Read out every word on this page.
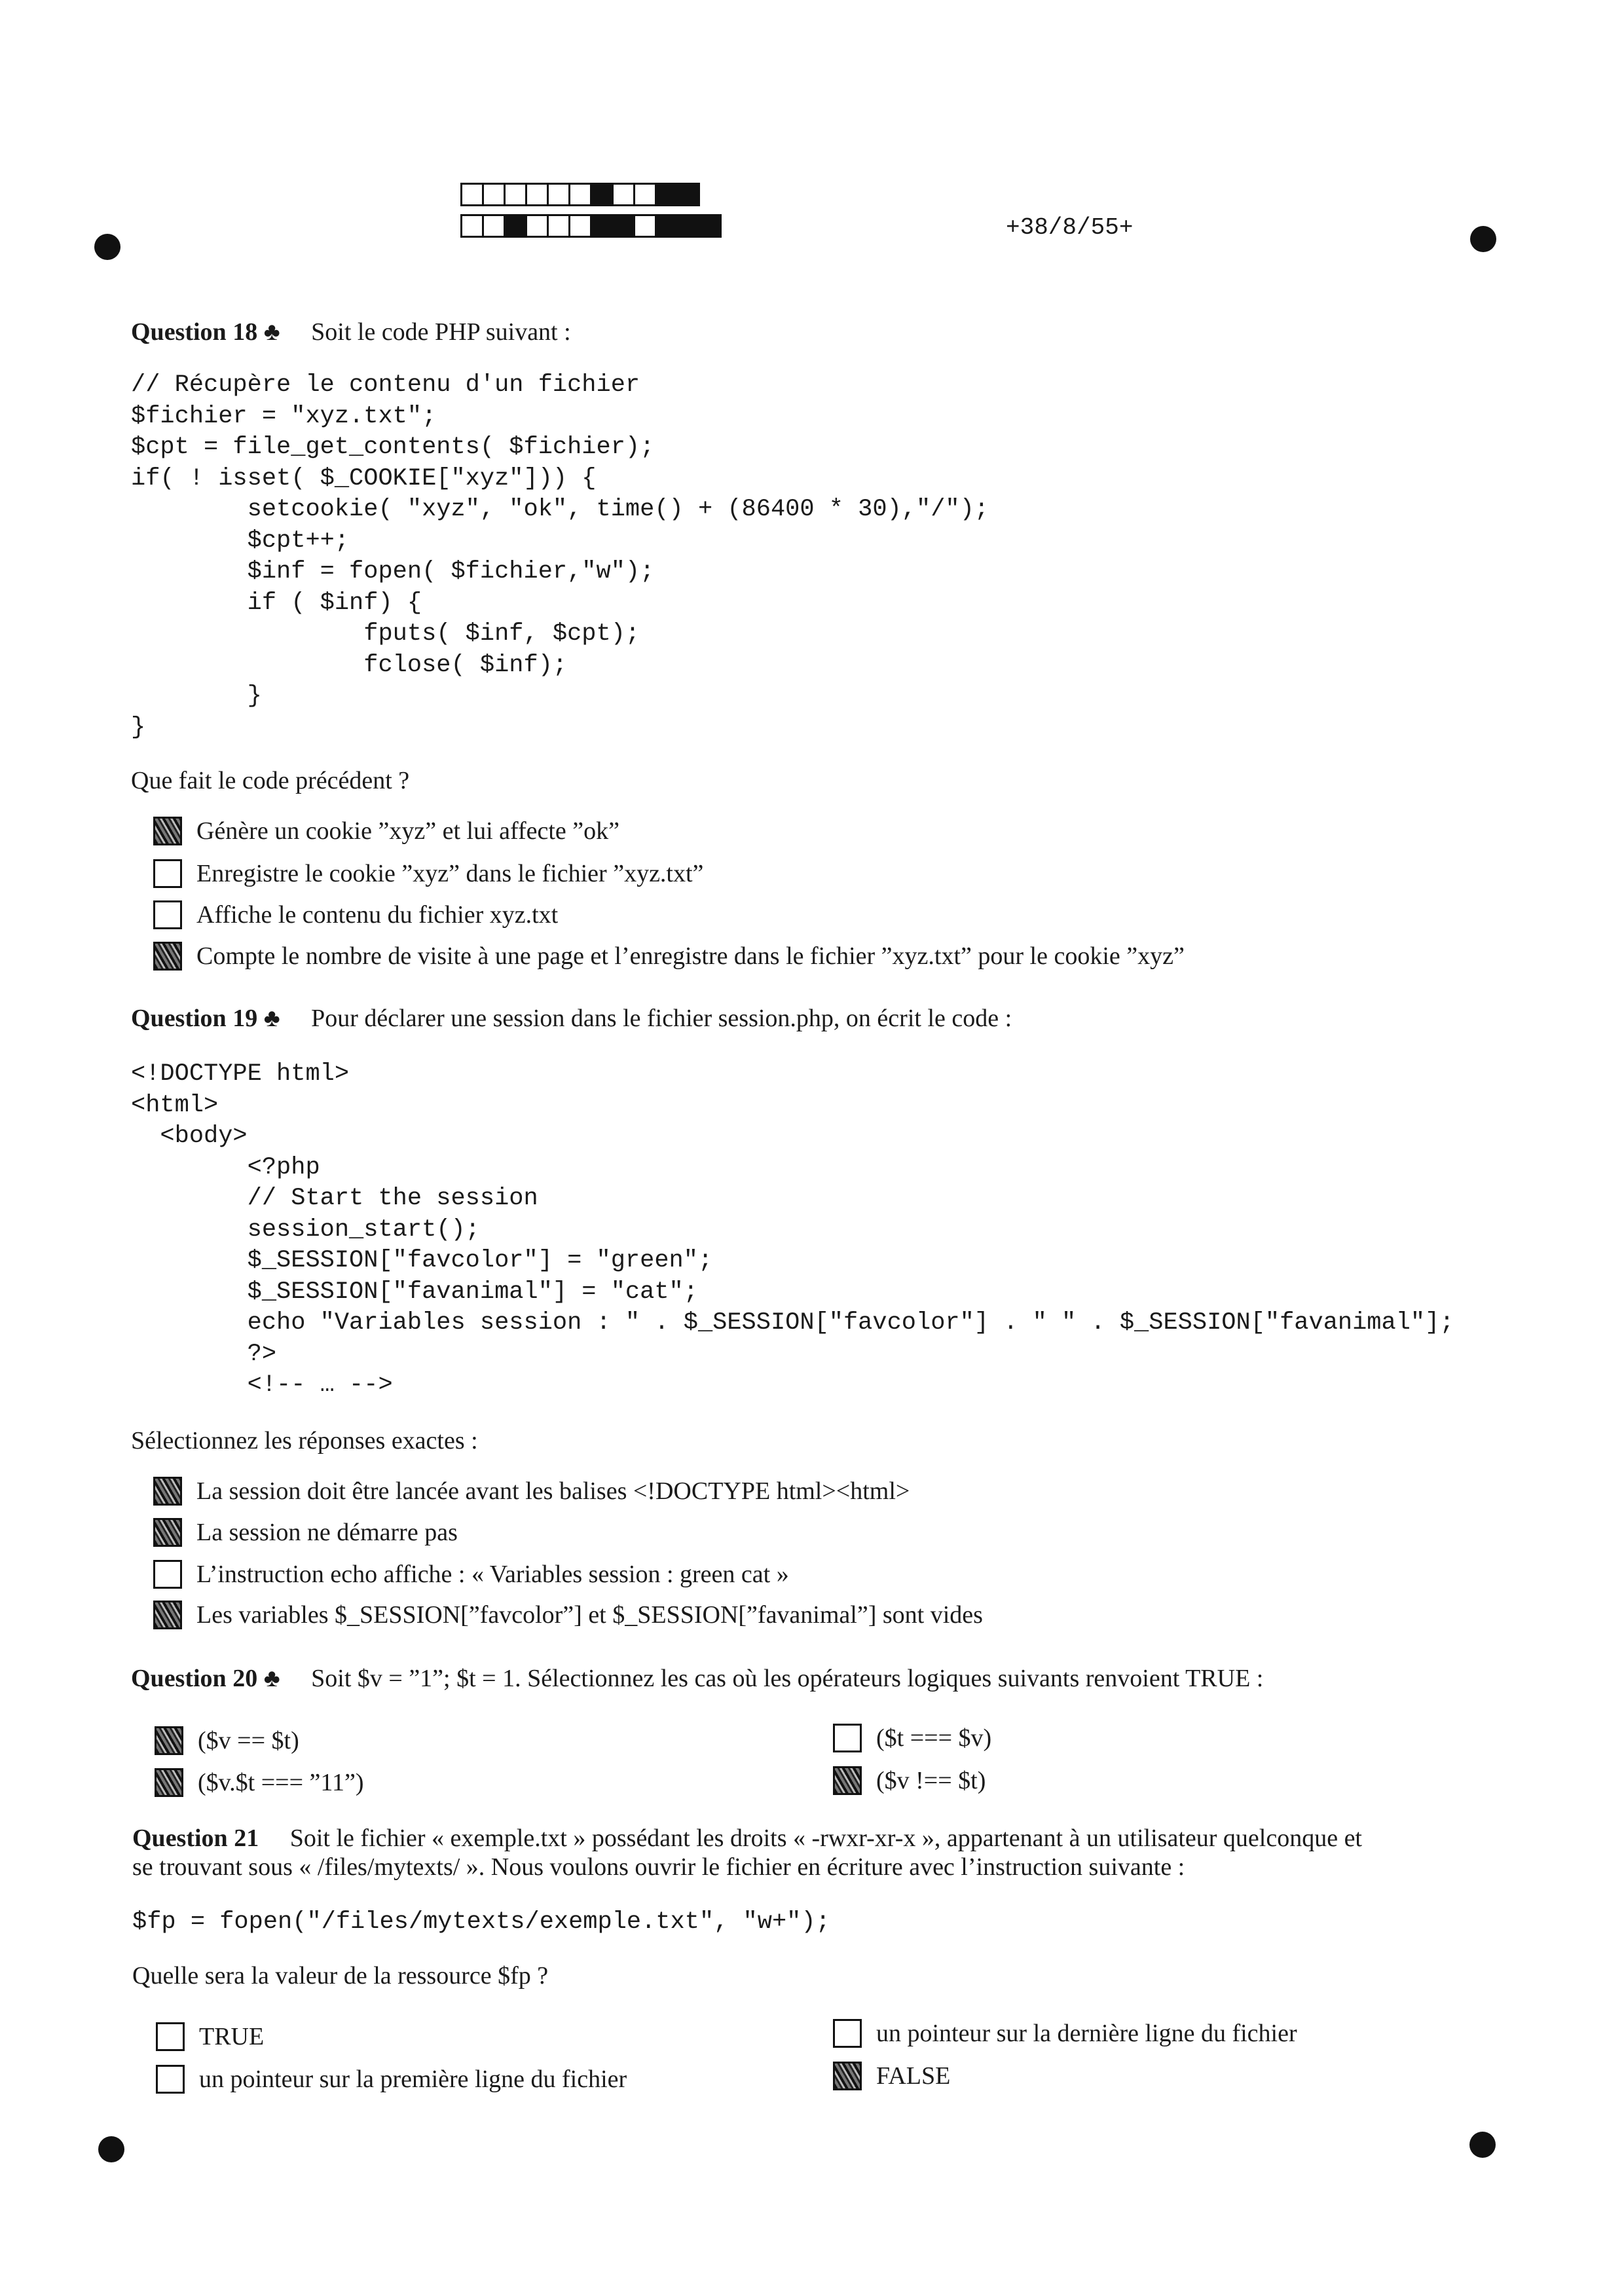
+38/8/55+
Question 18 ♣ Soit le code PHP suivant :
// Récupère le contenu d'un fichier
$fichier = "xyz.txt";
$cpt = file_get_contents( $fichier);
if( ! isset( $_COOKIE["xyz"])) {
setcookie( "xyz", "ok", time() + (86400 * 30),"/");
$cpt++;
$inf = fopen( $fichier,"w");
if ( $inf) {
fputs( $inf, $cpt);
fclose( $inf);
}
}

Que fait le code précédent ?
Génère un cookie ”xyz” et lui affecte ”ok”
Enregistre le cookie ”xyz” dans le fichier ”xyz.txt”
Affiche le contenu du fichier xyz.txt
Compte le nombre de visite à une page et l’enregistre dans le fichier ”xyz.txt” pour le cookie ”xyz”
Question 19 ♣ Pour déclarer une session dans le fichier session.php, on écrit le code :
<!DOCTYPE html>
<html>
<body>
<?php
// Start the session
session_start();
$_SESSION["favcolor"] = "green";
$_SESSION["favanimal"] = "cat";
echo "Variables session : " . $_SESSION["favcolor"] . " " . $_SESSION["favanimal"];
?>
<!-- … -->

Sélectionnez les réponses exactes :
La session doit être lancée avant les balises <!DOCTYPE html><html>
La session ne démarre pas
L’instruction echo affiche : « Variables session : green cat »
Les variables $_SESSION[”favcolor”] et $_SESSION[”favanimal”] sont vides
Question 20 ♣ Soit $v = ”1”; $t = 1. Sélectionnez les cas où les opérateurs logiques suivants renvoient TRUE :
($v == $t)	($t === $v)
($v.$t === ”11”)	($v !== $t)
Question 21 Soit le fichier « exemple.txt » possédant les droits « -rwxr-xr-x », appartenant à un utilisateur quelconque et
se trouvant sous « /files/mytexts/ ». Nous voulons ouvrir le fichier en écriture avec l’instruction suivante :
$fp = fopen("/files/mytexts/exemple.txt", "w+");
Quelle sera la valeur de la ressource $fp ?
TRUE	un pointeur sur la dernière ligne du fichier
un pointeur sur la première ligne du fichier	FALSE
